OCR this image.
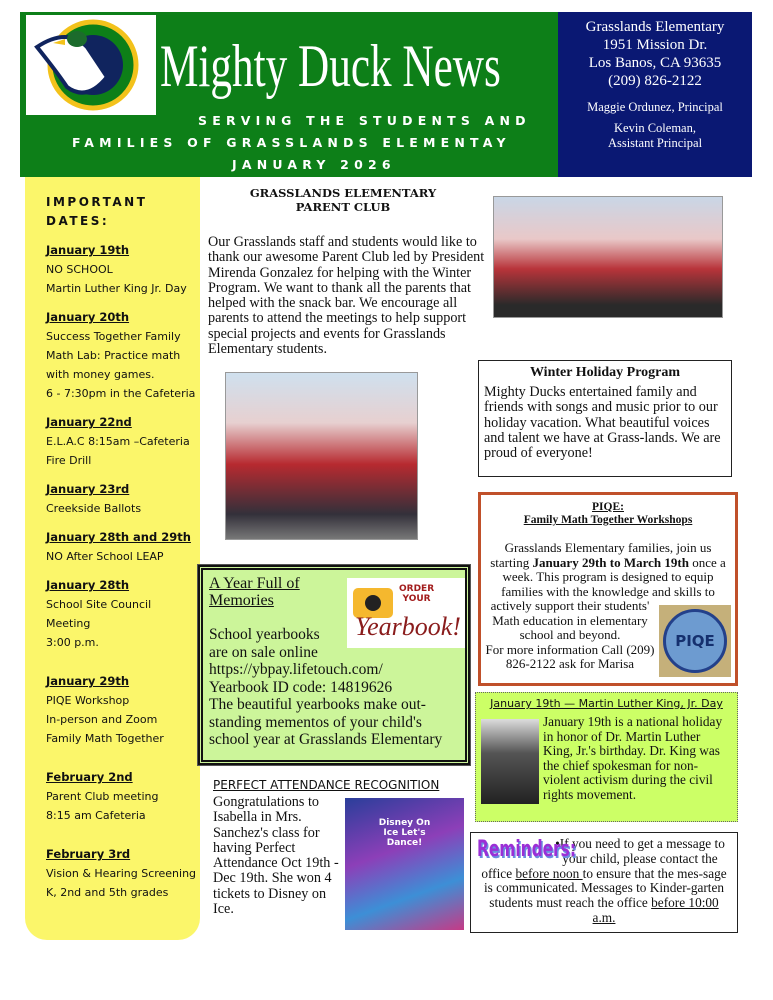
Mighty Duck News
SERVING THE STUDENTS AND
FAMILIES OF GRASSLANDS ELEMENTAY
JANUARY 2026
Grasslands Elementary
1951 Mission Dr.
Los Banos, CA 93635
(209) 826-2122
Maggie Ordunez, Principal
Kevin Coleman,
Assistant Principal
IMPORTANT
DATES:
January 19th
NO SCHOOL
Martin Luther King Jr. Day
January 20th
Success Together Family
Math Lab: Practice math
with money games.
6 - 7:30pm in the Cafeteria
January 22nd
E.L.A.C 8:15am –Cafeteria
Fire Drill
January 23rd
Creekside Ballots
January 28th and 29th
NO After School LEAP
January 28th
School Site Council
Meeting
3:00 p.m.
January 29th
PIQE Workshop
In-person and Zoom
Family Math Together
February 2nd
Parent Club meeting
8:15 am Cafeteria
February 3rd
Vision & Hearing Screening
K, 2nd and 5th grades
GRASSLANDS ELEMENTARY
PARENT CLUB

Our Grasslands staff and students would like to thank our awesome Parent Club led by President Mirenda Gonzalez for helping with the Winter Program. We want to thank all the parents that helped with the snack bar. We encourage all parents to attend the meetings to help support special projects and events for Grasslands Elementary students.

Winter Holiday Program

Mighty Ducks entertained family and friends with songs and music prior to our holiday vacation. What beautiful voices and talent we have at Grass-lands. We are proud of everyone!

PIQE:
Family Math Together Workshops
PIQE

Grasslands Elementary families, join us starting January 29th to March 19th once a week. This program is designed to equip families with the knowledge and skills to actively support their students' Math education in elementary school and beyond.

For more information Call (209) 826-2122 ask for Marisa

A Year Full of
Memories
School yearbooks
are on sale online
https://ybpay.lifetouch.com/
Yearbook ID code: 14819626
The beautiful yearbooks make out-standing mementos of your child's school year at Grasslands Elementary
ORDER
YOUR
Yearbook!
PERFECT ATTENDANCE RECOGNITION

Gongratulations to Isabella in Mrs. Sanchez's class for having Perfect Attendance Oct 19th - Dec 19th. She won 4 tickets to Disney on Ice.

Disney On Ice Let's Dance!
January 19th — Martin Luther King, Jr. Day

January 19th is a national holiday in honor of Dr. Martin Luther King, Jr.'s birthday. Dr. King was the chief spokesman for non-violent activism during the civil rights movement.

Reminders:
•If you need to get a message to your child, please contact the office before noon to ensure that the mes-sage is communicated. Messages to Kinder-garten students must reach the office before 10:00 a.m.
